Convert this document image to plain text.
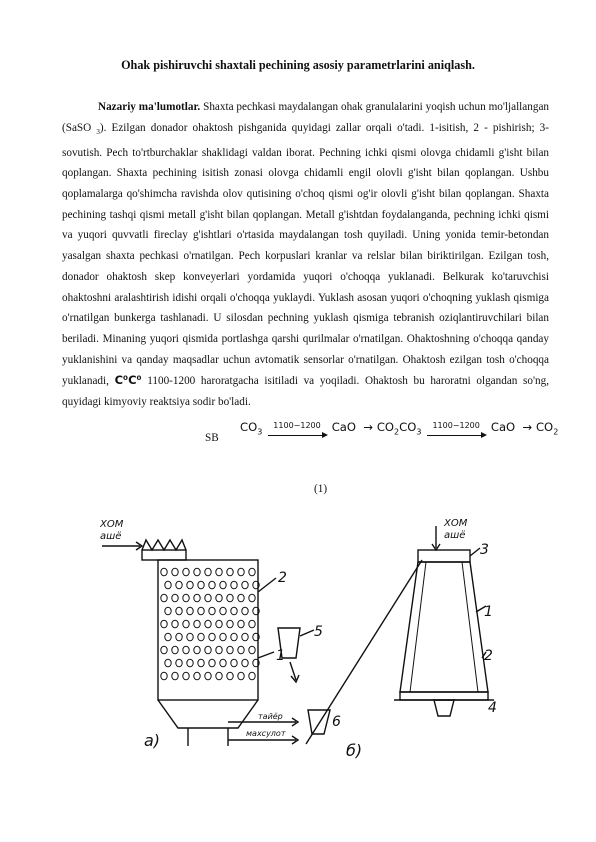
Ohak pishiruvchi shaxtali pechining asosiy parametrlarini aniqlash.
Nazariy ma'lumotlar. Shaxta pechkasi maydalangan ohak granulalarini yoqish uchun mo'ljallangan (SaSO $_3$). Ezilgan donador ohaktosh pishganida quyidagi zallar orqali o'tadi. 1-isitish, 2 - pishirish; 3-sovutish. Pech to'rtburchaklar shaklidagi valdan iborat. Pechning ichki qismi olovga chidamli g'isht bilan qoplangan. Shaxta pechining isitish zonasi olovga chidamli engil olovli g'isht bilan qoplangan. Ushbu qoplamalarga qo'shimcha ravishda olov qutisining o'choq qismi og'ir olovli g'isht bilan qoplangan. Shaxta pechining tashqi qismi metall g'isht bilan qoplangan. Metall g'ishtdan foydalanganda, pechning ichki qismi va yuqori quvvatli fireclay g'ishtlari o'rtasida maydalangan tosh quyiladi. Uning yonida temir-betondan yasalgan shaxta pechkasi o'rnatilgan. Pech korpuslari kranlar va relslar bilan biriktirilgan. Ezilgan tosh, donador ohaktosh skep konveyerlari yordamida yuqori o'choqqa yuklanadi. Belkurak ko'taruvchisi ohaktoshni aralashtirish idishi orqali o'choqqa yuklaydi. Yuklash asosan yuqori o'choqning yuklash qismiga o'rnatilgan bunkerga tashlanadi. U silosdan pechning yuklash qismiga tebranish oziqlantiruvchilari bilan beriladi. Minaning yuqori qismida portlashga qarshi qurilmalar o'rnatilgan. Ohaktoshning o'choqqa qanday yuklanishini va qanday maqsadlar uchun avtomatik sensorlar o'rnatilgan. Ohaktosh ezilgan tosh o'choqqa yuklanadi, C⁰C⁰ 1100-1200 haroratgacha isitiladi va yoqiladi. Ohaktosh bu haroratni olgandan so'ng, quyidagi kimyoviy reaktsiya sodir bo'ladi.
SB
$CO_3$
1100−1200 CaO  → $CO_2CO_3$
1100−1200 CaO  → $CO_2$
(1)
ХОМ
ашё
2
1
тайёр
махсулот
а)
ХОМ
ашё
3
1
2
4
6
5
б)
